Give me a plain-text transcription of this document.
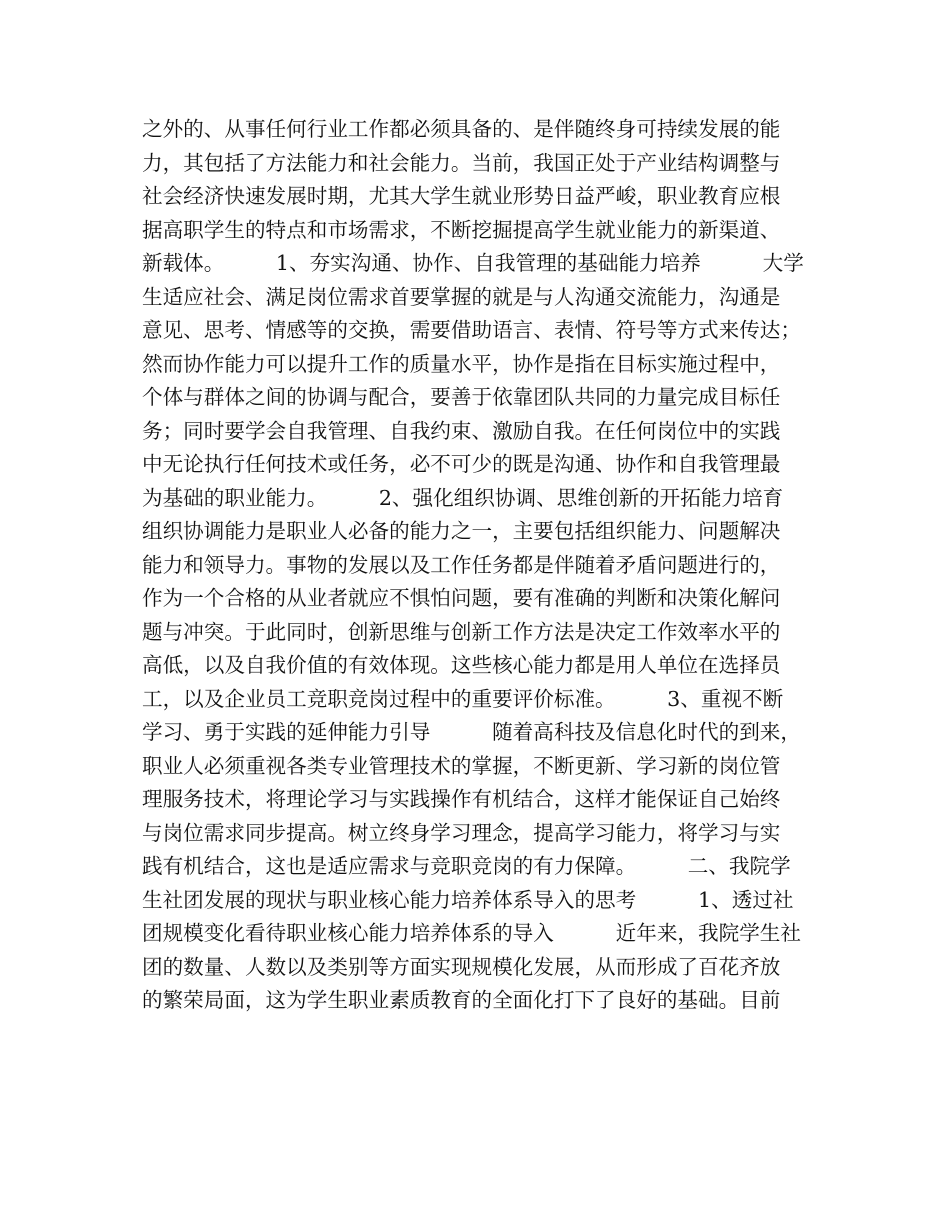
之外的、从事任何行业工作都必须具备的、是伴随终身可持续发展的能
力，其包括了方法能力和社会能力。当前，我国正处于产业结构调整与
社会经济快速发展时期，尤其大学生就业形势日益严峻，职业教育应根
据高职学生的特点和市场需求，不断挖掘提高学生就业能力的新渠道、
新载体。　　　1、夯实沟通、协作、自我管理的基础能力培养　　　大学
生适应社会、满足岗位需求首要掌握的就是与人沟通交流能力，沟通是
意见、思考、情感等的交换，需要借助语言、表情、符号等方式来传达；
然而协作能力可以提升工作的质量水平，协作是指在目标实施过程中，
个体与群体之间的协调与配合，要善于依靠团队共同的力量完成目标任
务；同时要学会自我管理、自我约束、激励自我。在任何岗位中的实践
中无论执行任何技术或任务，必不可少的既是沟通、协作和自我管理最
为基础的职业能力。　　　2、强化组织协调、思维创新的开拓能力培育
组织协调能力是职业人必备的能力之一，主要包括组织能力、问题解决
能力和领导力。事物的发展以及工作任务都是伴随着矛盾问题进行的，
作为一个合格的从业者就应不惧怕问题，要有准确的判断和决策化解问
题与冲突。于此同时，创新思维与创新工作方法是决定工作效率水平的
高低，以及自我价值的有效体现。这些核心能力都是用人单位在选择员
工，以及企业员工竞职竞岗过程中的重要评价标准。　　　3、重视不断
学习、勇于实践的延伸能力引导　　　随着高科技及信息化时代的到来，
职业人必须重视各类专业管理技术的掌握，不断更新、学习新的岗位管
理服务技术，将理论学习与实践操作有机结合，这样才能保证自己始终
与岗位需求同步提高。树立终身学习理念，提高学习能力，将学习与实
践有机结合，这也是适应需求与竞职竞岗的有力保障。　　　二、我院学
生社团发展的现状与职业核心能力培养体系导入的思考　　　1、透过社
团规模变化看待职业核心能力培养体系的导入　　　近年来，我院学生社
团的数量、人数以及类别等方面实现规模化发展，从而形成了百花齐放
的繁荣局面，这为学生职业素质教育的全面化打下了良好的基础。目前
